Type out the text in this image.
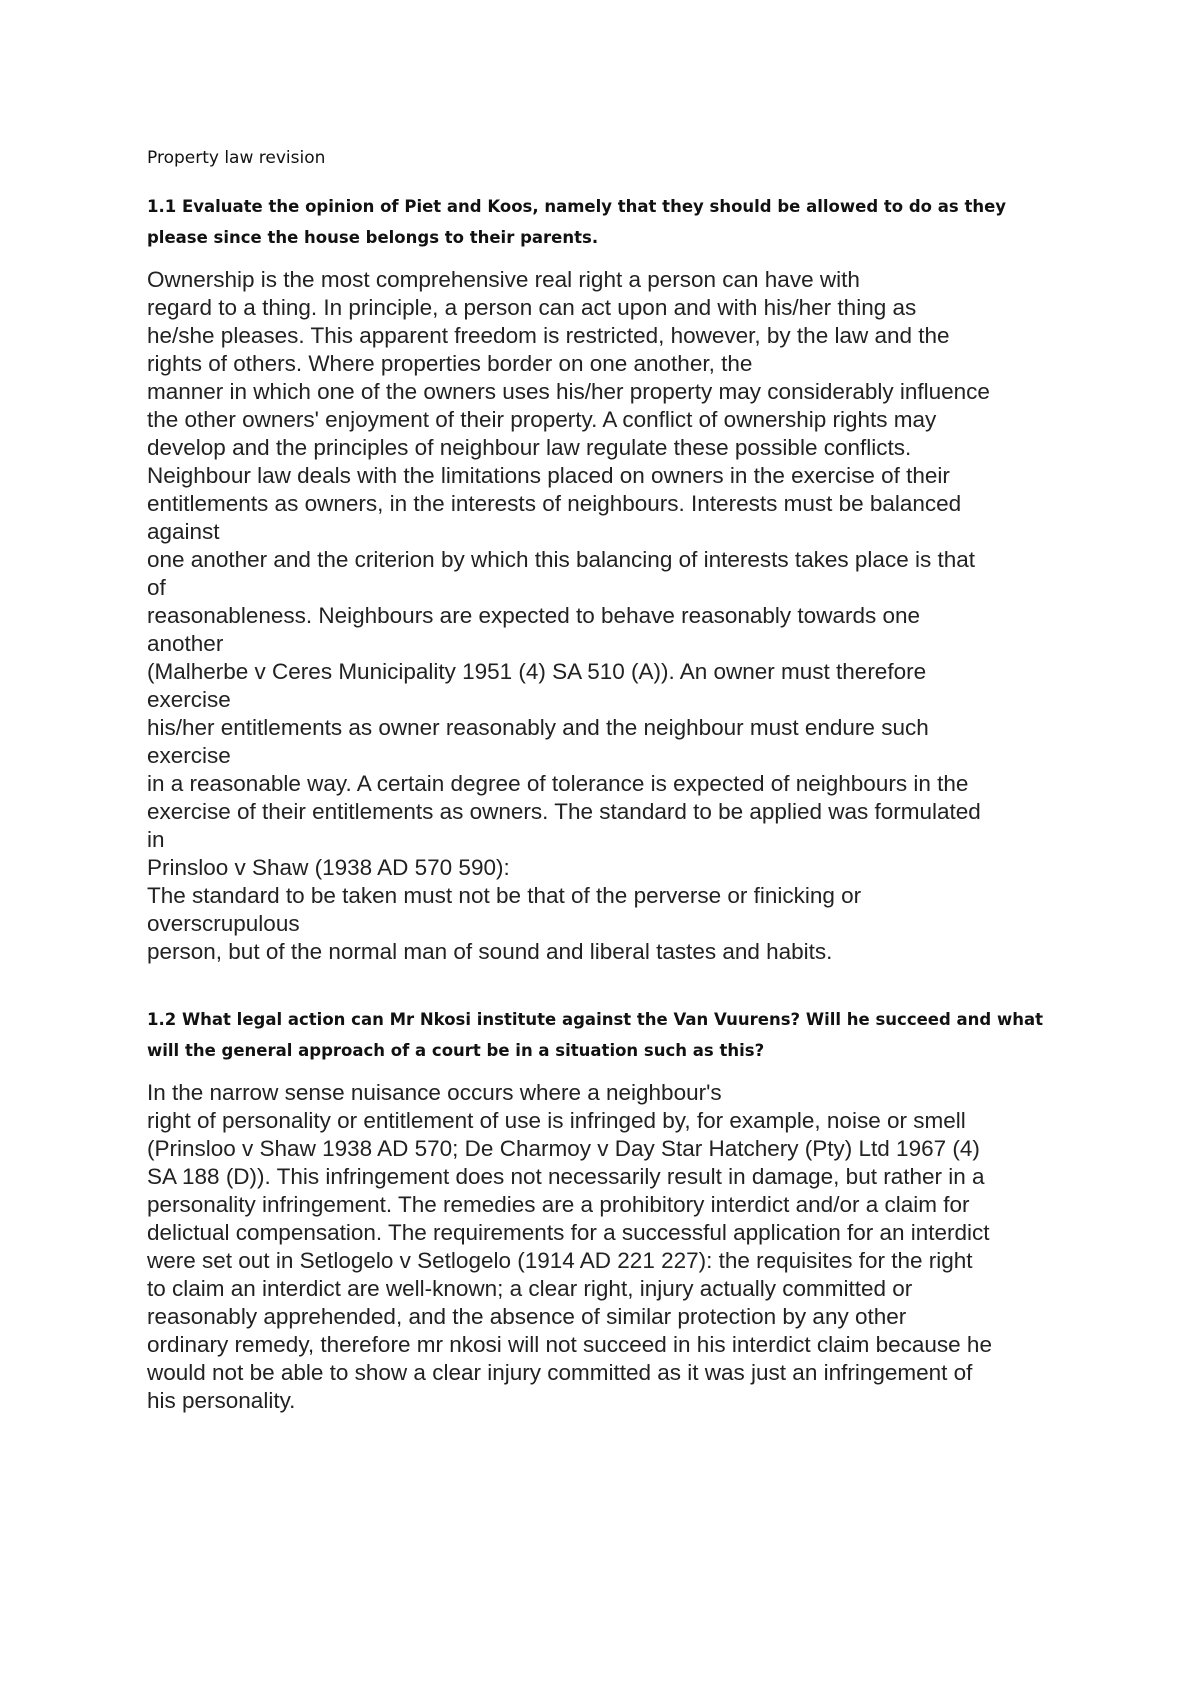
Property law revision

1.1 Evaluate the opinion of Piet and Koos, namely that they should be allowed to do as they please since the house belongs to their parents.

Ownership is the most comprehensive real right a person can have with
regard to a thing. In principle, a person can act upon and with his/her thing as
he/she pleases. This apparent freedom is restricted, however, by the law and the
rights of others. Where properties border on one another, the
manner in which one of the owners uses his/her property may considerably influence
the other owners' enjoyment of their property. A conflict of ownership rights may
develop and the principles of neighbour law regulate these possible conflicts.
Neighbour law deals with the limitations placed on owners in the exercise of their
entitlements as owners, in the interests of neighbours. Interests must be balanced
against
one another and the criterion by which this balancing of interests takes place is that
of
reasonableness. Neighbours are expected to behave reasonably towards one
another
(Malherbe v Ceres Municipality 1951 (4) SA 510 (A)). An owner must therefore
exercise
his/her entitlements as owner reasonably and the neighbour must endure such
exercise
in a reasonable way. A certain degree of tolerance is expected of neighbours in the
exercise of their entitlements as owners. The standard to be applied was formulated
in
Prinsloo v Shaw (1938 AD 570 590):
The standard to be taken must not be that of the perverse or finicking or
overscrupulous
person, but of the normal man of sound and liberal tastes and habits.

1.2 What legal action can Mr Nkosi institute against the Van Vuurens? Will he succeed and what will the general approach of a court be in a situation such as this?

In the narrow sense nuisance occurs where a neighbour's
right of personality or entitlement of use is infringed by, for example, noise or smell
(Prinsloo v Shaw 1938 AD 570; De Charmoy v Day Star Hatchery (Pty) Ltd 1967 (4)
SA 188 (D)). This infringement does not necessarily result in damage, but rather in a
personality infringement. The remedies are a prohibitory interdict and/or a claim for
delictual compensation. The requirements for a successful application for an interdict
were set out in Setlogelo v Setlogelo (1914 AD 221 227): the requisites for the right
to claim an interdict are well-known; a clear right, injury actually committed or
reasonably apprehended, and the absence of similar protection by any other
ordinary remedy, therefore mr nkosi will not succeed in his interdict claim because he
would not be able to show a clear injury committed as it was just an infringement of
his personality.
